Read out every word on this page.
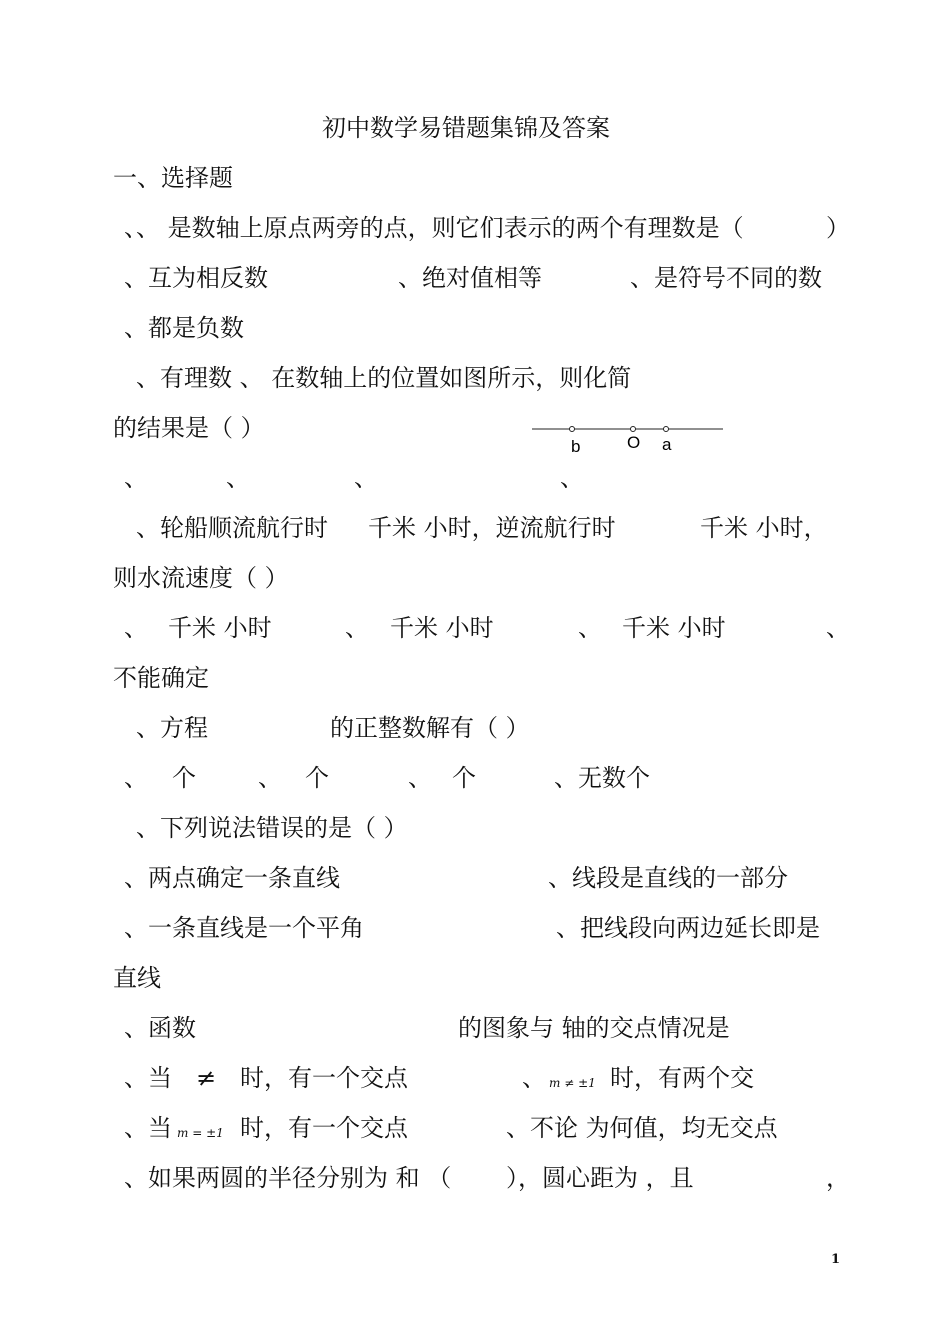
初中数学易错题集锦及答案
一、选择题
、、 是数轴上原点两旁的点，则它们表示的两个有理数是（	）
、互为相反数	、绝对值相等	、是符号不同的数
、都是负数
、有理数 、 在数轴上的位置如图所示，则化简
的结果是（ ）
b	O a
、	、	、	、
、轮船顺流航行时 千米 小时，逆流航行时	千米 小时，
则水流速度（ ）
、 千米 小时	、 千米 小时	、 千米 小时	、
不能确定
、方程	的正整数解有（ ）
、 个	、 个	、 个	、无数个
、下列说法错误的是（ ）
、两点确定一条直线	、线段是直线的一部分
、一条直线是一个平角	、把线段向两边延长即是
直线
、函数	的图象与 轴的交点情况是
、当 ≠ 时，有一个交点	、 m ≠ ±1 时，有两个交
、当 m = ±1 时，有一个交点	、不论 为何值，均无交点
、如果两圆的半径分别为 和 （ ），圆心距为 ，且	，
1
